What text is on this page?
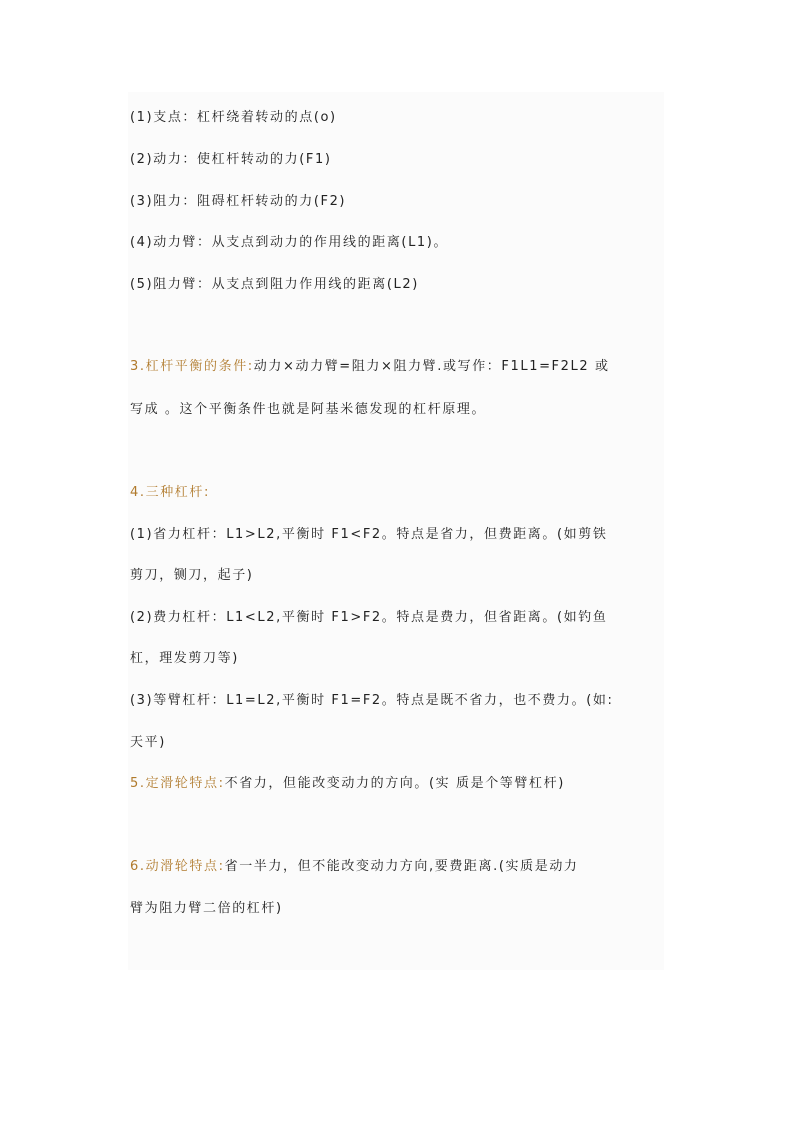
(1)支点：杠杆绕着转动的点(o)
(2)动力：使杠杆转动的力(F1)
(3)阻力：阻碍杠杆转动的力(F2)
(4)动力臂：从支点到动力的作用线的距离(L1)。
(5)阻力臂：从支点到阻力作用线的距离(L2)
3.杠杆平衡的条件:动力×动力臂=阻力×阻力臂.或写作：F1L1=F2L2 或
写成 。这个平衡条件也就是阿基米德发现的杠杆原理。
4.三种杠杆:
(1)省力杠杆：L1>L2,平衡时 F1<F2。特点是省力，但费距离。(如剪铁
剪刀，铡刀，起子)
(2)费力杠杆：L1<L2,平衡时 F1>F2。特点是费力，但省距离。(如钓鱼
杠，理发剪刀等)
(3)等臂杠杆：L1=L2,平衡时 F1=F2。特点是既不省力，也不费力。(如:
天平)
5.定滑轮特点:不省力，但能改变动力的方向。(实 质是个等臂杠杆)
6.动滑轮特点:省一半力，但不能改变动力方向,要费距离.(实质是动力
臂为阻力臂二倍的杠杆)
